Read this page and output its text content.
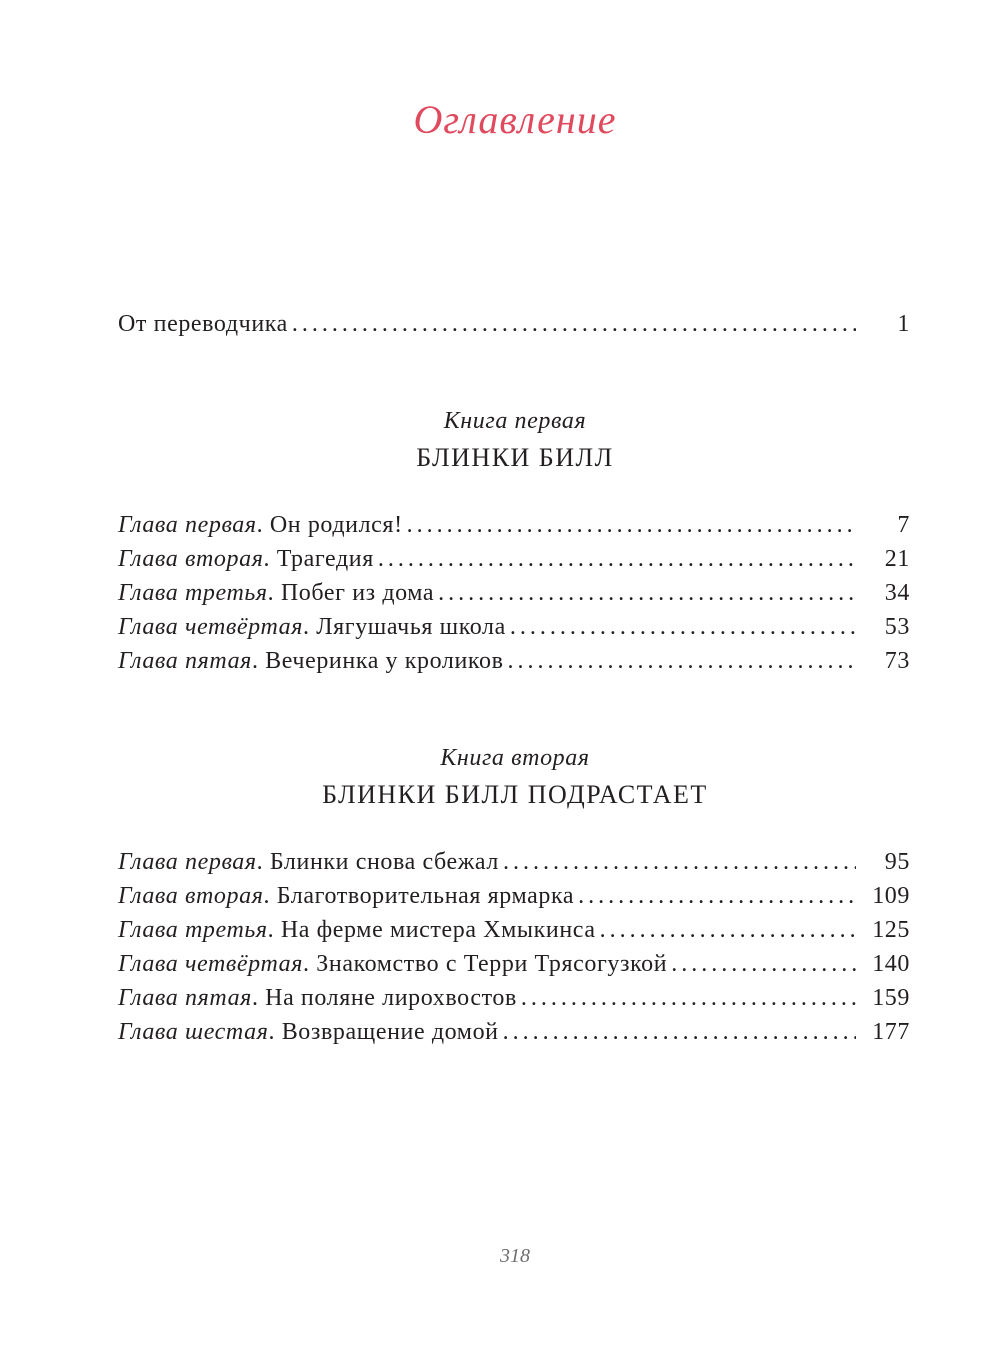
Оглавление
От переводчика . . .	1
Книга первая
БЛИНКИ БИЛЛ
Глава первая. Он родился! . . .	7
Глава вторая. Трагедия . . .	21
Глава третья. Побег из дома . . .	34
Глава четвёртая. Лягушачья школа . . .	53
Глава пятая. Вечеринка у кроликов . . .	73
Книга вторая
БЛИНКИ БИЛЛ ПОДРАСТАЕТ
Глава первая. Блинки снова сбежал . . .	95
Глава вторая. Благотворительная ярмарка . . .	109
Глава третья. На ферме мистера Хмыкинса . . .	125
Глава четвёртая. Знакомство с Терри Трясогузкой . . .	140
Глава пятая. На поляне лирохвостов . . .	159
Глава шестая. Возвращение домой . . .	177
318
